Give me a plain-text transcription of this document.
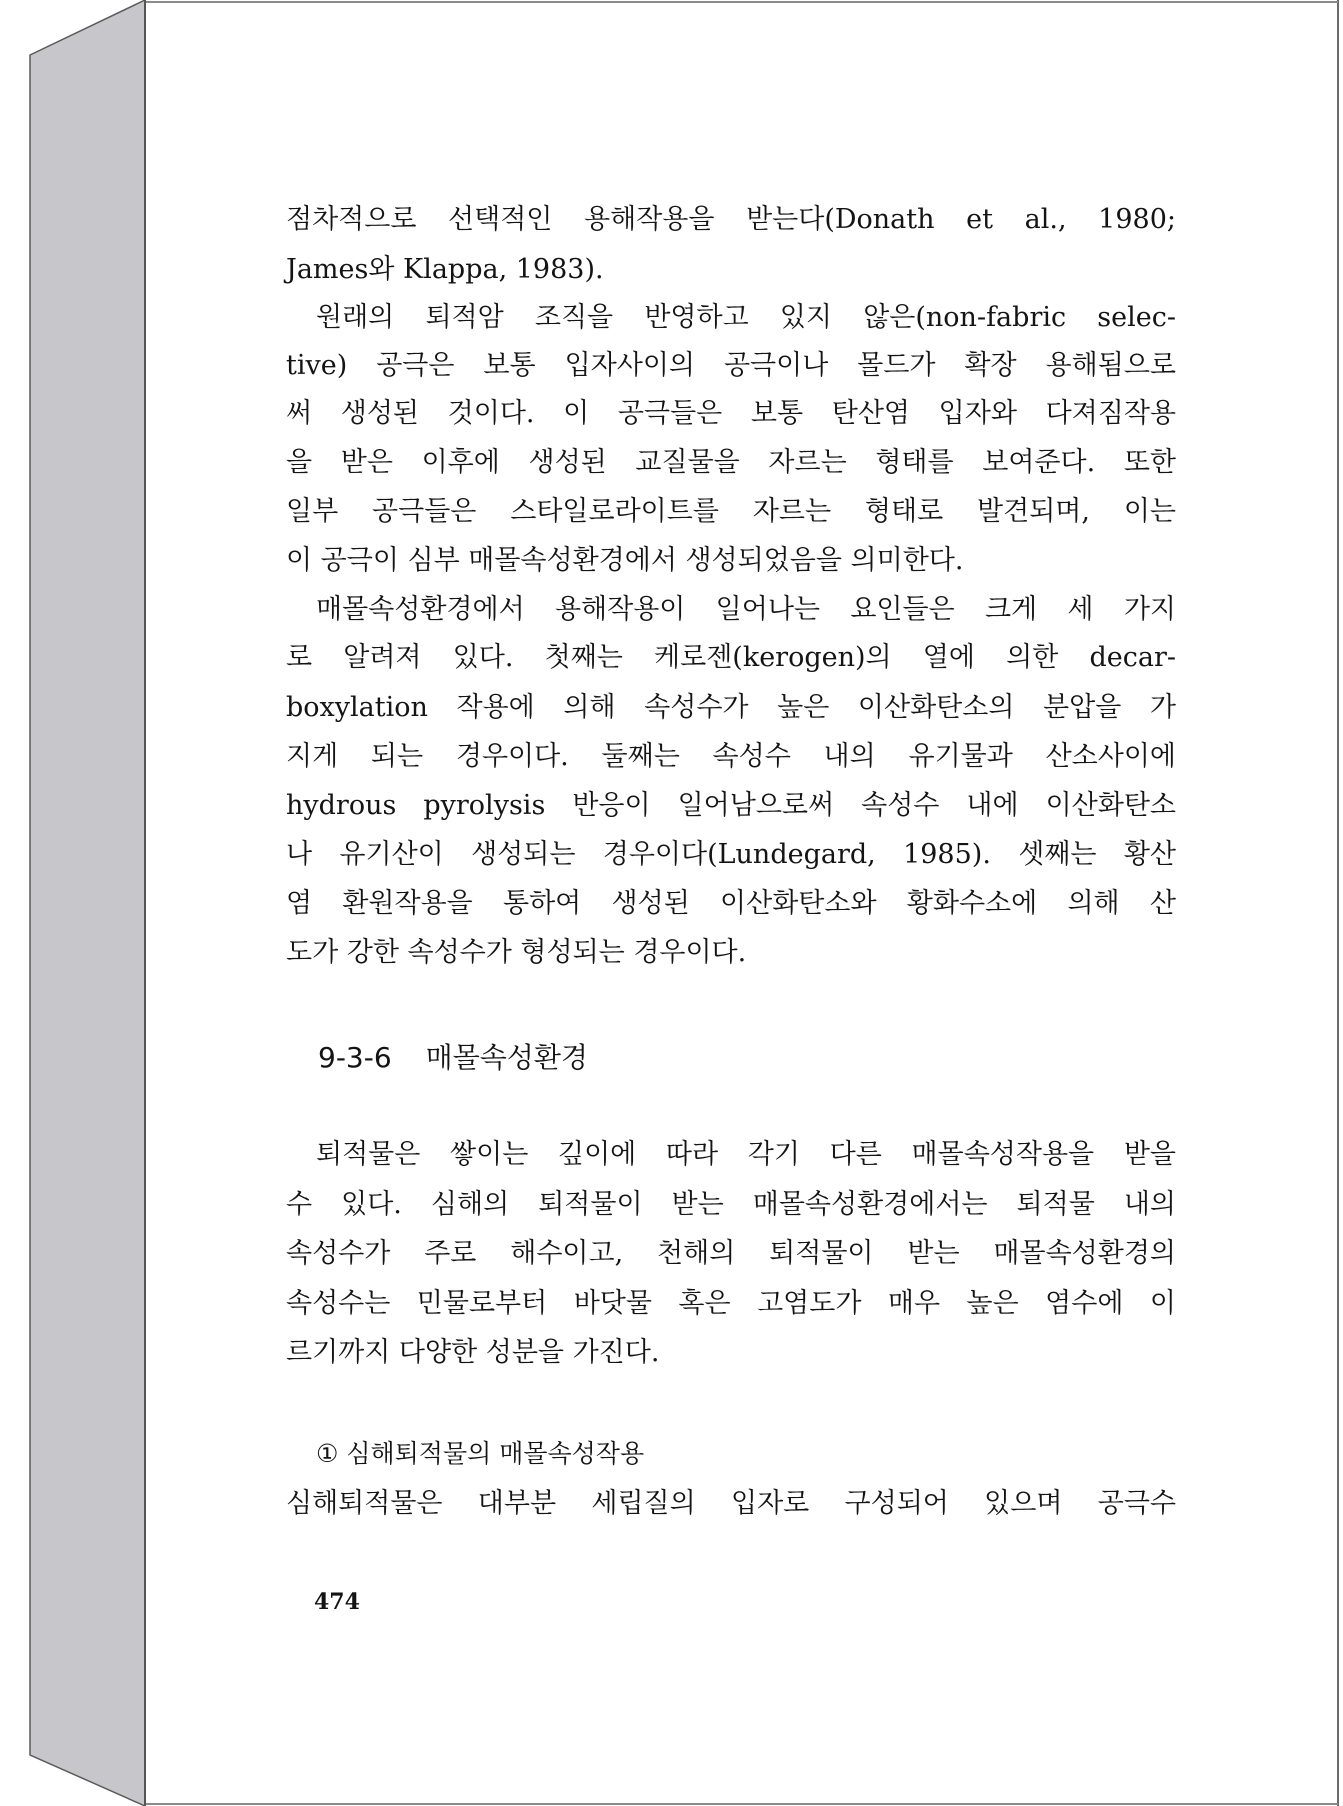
점차적으로 선택적인 용해작용을 받는다(Donath et al., 1980;
James와 Klappa, 1983).
원래의 퇴적암 조직을 반영하고 있지 않은(non-fabric selec-
tive) 공극은 보통 입자사이의 공극이나 몰드가 확장 용해됨으로
써 생성된 것이다. 이 공극들은 보통 탄산염 입자와 다져짐작용
을 받은 이후에 생성된 교질물을 자르는 형태를 보여준다. 또한
일부 공극들은 스타일로라이트를 자르는 형태로 발견되며, 이는
이 공극이 심부 매몰속성환경에서 생성되었음을 의미한다.
매몰속성환경에서 용해작용이 일어나는 요인들은 크게 세 가지
로 알려져 있다. 첫째는 케로젠(kerogen)의 열에 의한 decar-
boxylation 작용에 의해 속성수가 높은 이산화탄소의 분압을 가
지게 되는 경우이다. 둘째는 속성수 내의 유기물과 산소사이에
hydrous pyrolysis 반응이 일어남으로써 속성수 내에 이산화탄소
나 유기산이 생성되는 경우이다(Lundegard, 1985). 셋째는 황산
염 환원작용을 통하여 생성된 이산화탄소와 황화수소에 의해 산
도가 강한 속성수가 형성되는 경우이다.
9-3-6 매몰속성환경
퇴적물은 쌓이는 깊이에 따라 각기 다른 매몰속성작용을 받을
수 있다. 심해의 퇴적물이 받는 매몰속성환경에서는 퇴적물 내의
속성수가 주로 해수이고, 천해의 퇴적물이 받는 매몰속성환경의
속성수는 민물로부터 바닷물 혹은 고염도가 매우 높은 염수에 이
르기까지 다양한 성분을 가진다.
① 심해퇴적물의 매몰속성작용
심해퇴적물은 대부분 세립질의 입자로 구성되어 있으며 공극수
474
